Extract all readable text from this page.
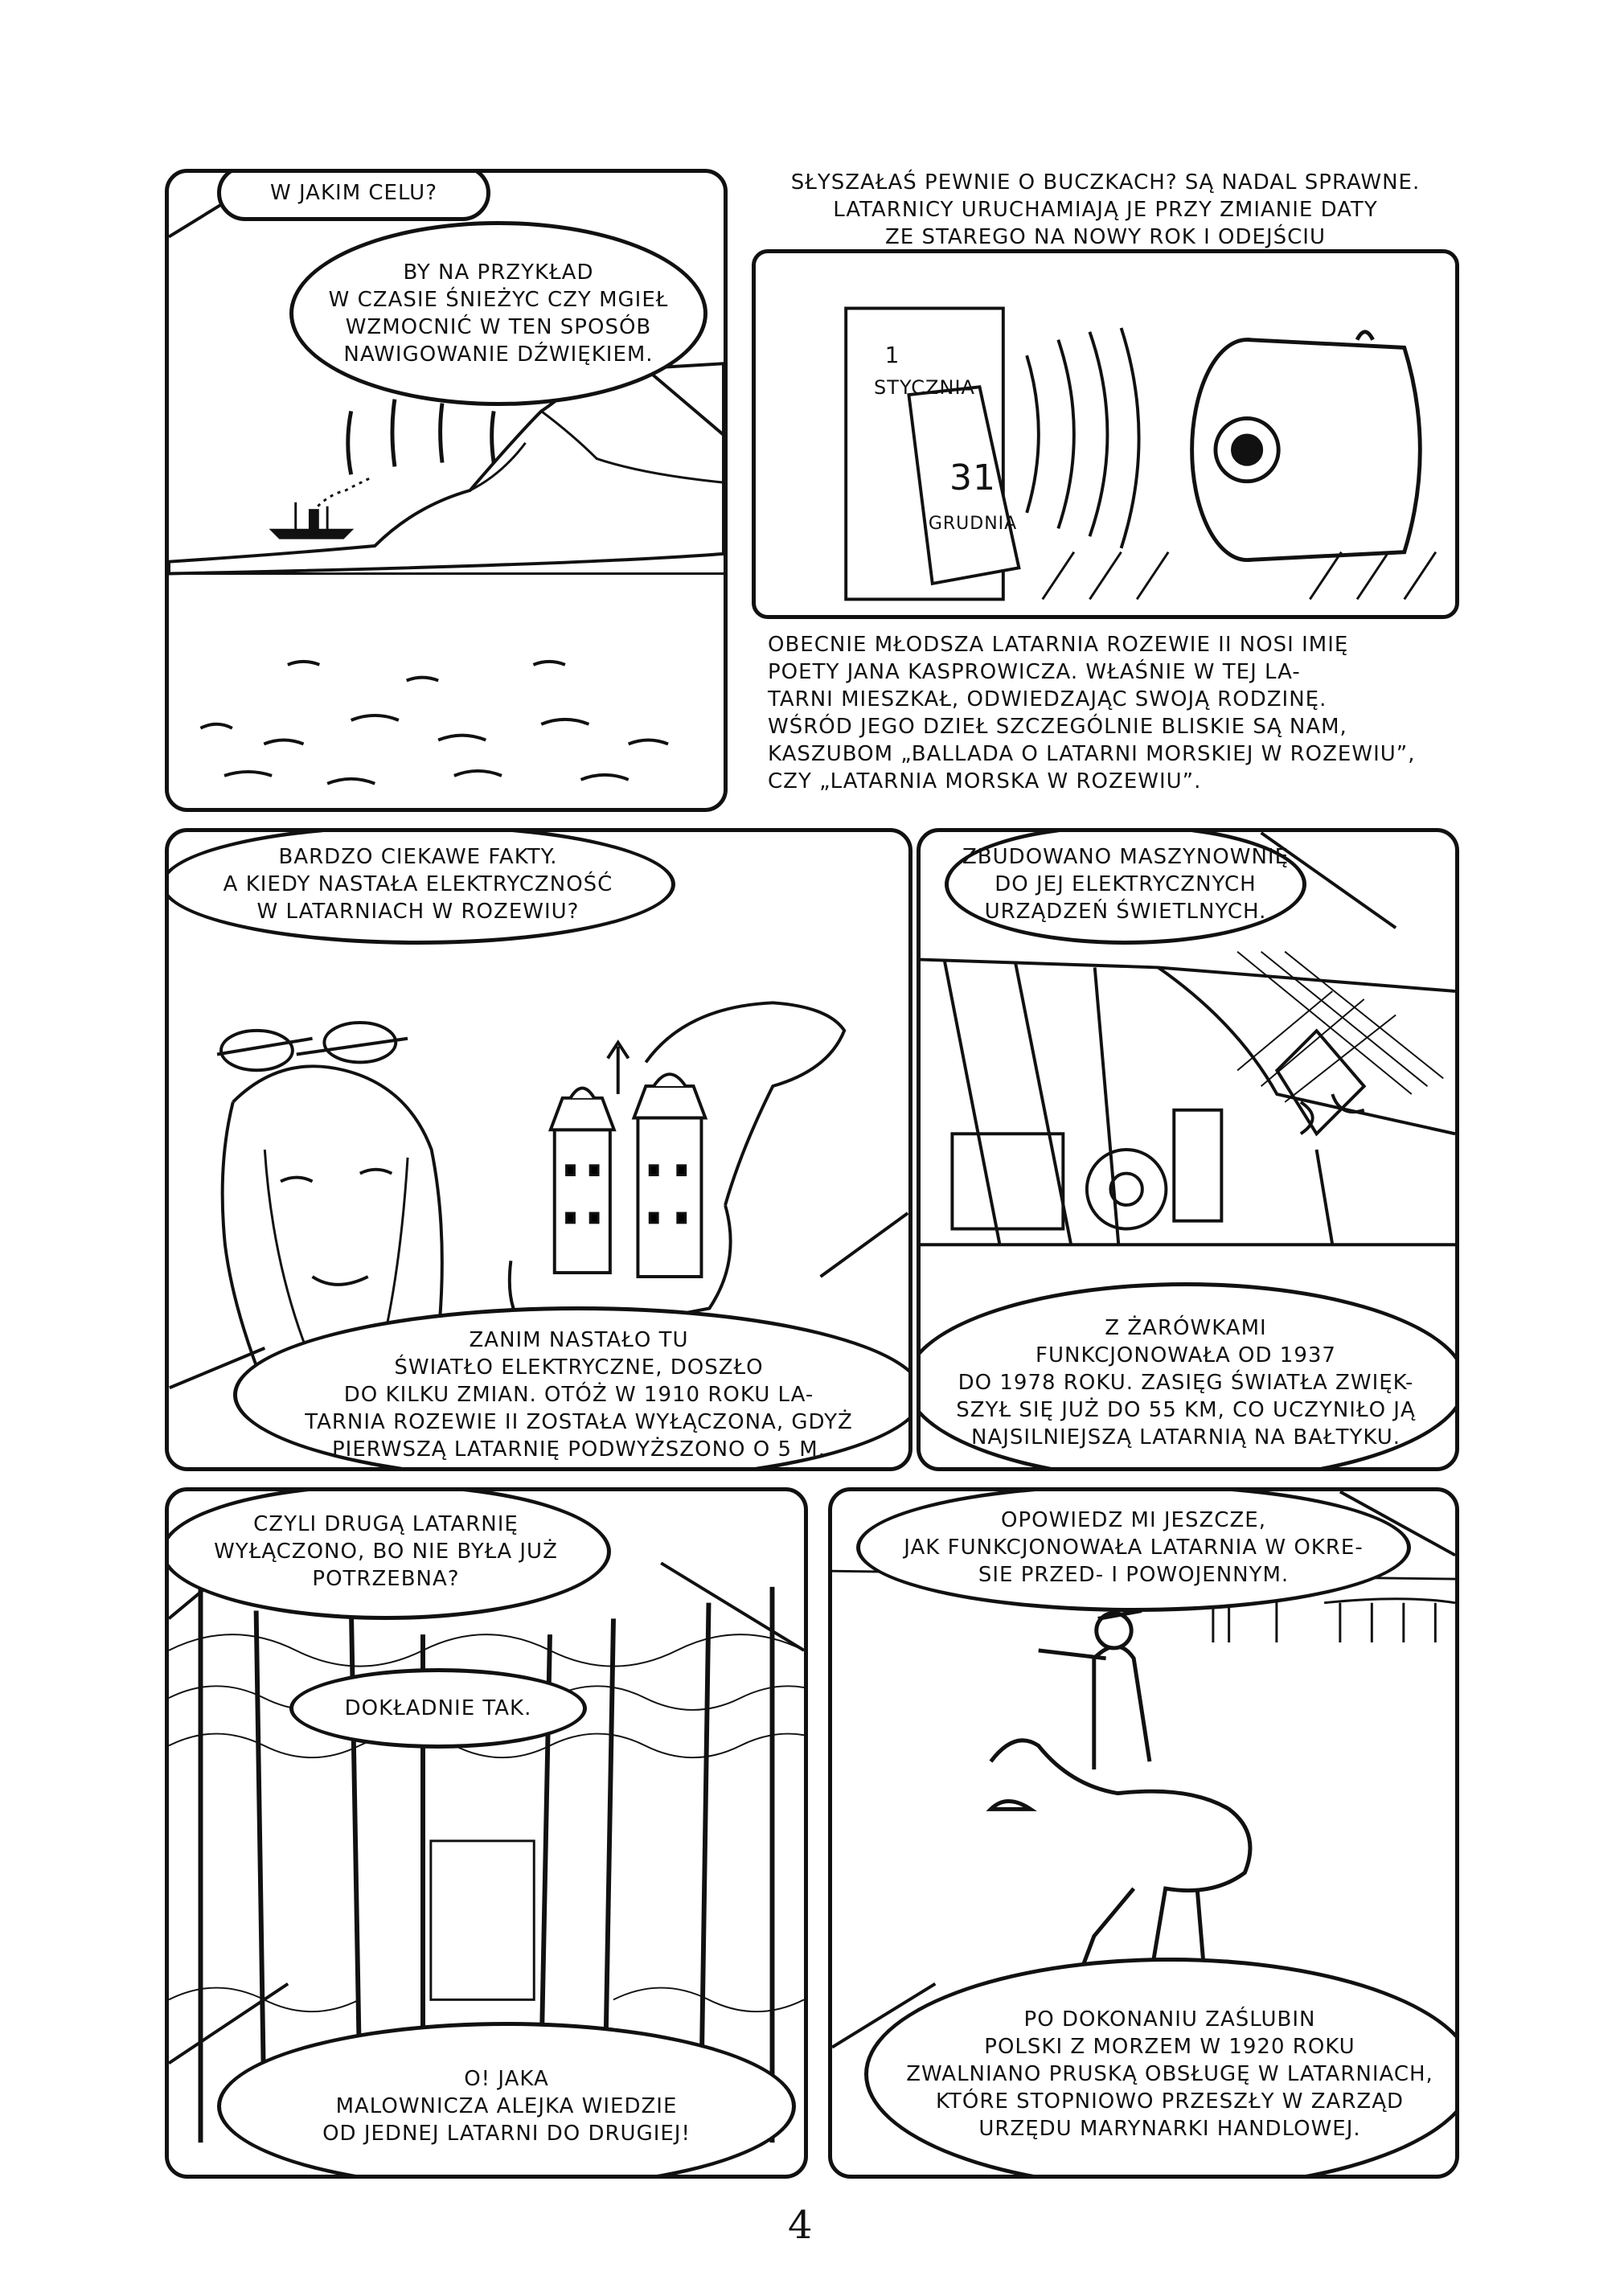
W JAKIM CELU?
BY NA PRZYKŁAD
W CZASIE ŚNIEŻYC CZY MGIEŁ
WZMOCNIĆ W TEN SPOSÓB
NAWIGOWANIE DŹWIĘKIEM.
SŁYSZAŁAŚ PEWNIE O BUCZKACH? SĄ NADAL SPRAWNE.
LATARNICY URUCHAMIAJĄ JE PRZY ZMIANIE DATY
ZE STAREGO NA NOWY ROK I ODEJŚCIU

1
STYCZNIA
31
GRUDNIA
OBECNIE MŁODSZA LATARNIA ROZEWIE II NOSI IMIĘ
POETY JANA KASPROWICZA. WŁAŚNIE W TEJ LA-
TARNI MIESZKAŁ, ODWIEDZAJĄC SWOJĄ RODZINĘ.
WŚRÓD JEGO DZIEŁ SZCZEGÓLNIE BLISKIE SĄ NAM,
KASZUBOM „BALLADA O LATARNI MORSKIEJ W ROZEWIU”,
CZY „LATARNIA MORSKA W ROZEWIU”.
BARDZO CIEKAWE FAKTY.
A KIEDY NASTAŁA ELEKTRYCZNOŚĆ
W LATARNIACH W ROZEWIU?
ZANIM NASTAŁO TU
ŚWIATŁO ELEKTRYCZNE, DOSZŁO
DO KILKU ZMIAN. OTÓŻ W 1910 ROKU LA-
TARNIA ROZEWIE II ZOSTAŁA WYŁĄCZONA, GDYŻ
PIERWSZĄ LATARNIĘ PODWYŻSZONO O 5 M.
ZBUDOWANO MASZYNOWNIĘ
DO JEJ ELEKTRYCZNYCH
URZĄDZEŃ ŚWIETLNYCH.
Z ŻARÓWKAMI
FUNKCJONOWAŁA OD 1937
DO 1978 ROKU. ZASIĘG ŚWIATŁA ZWIĘK-
SZYŁ SIĘ JUŻ DO 55 KM, CO UCZYNIŁO JĄ
NAJSILNIEJSZĄ LATARNIĄ NA BAŁTYKU.
CZYLI DRUGĄ LATARNIĘ
WYŁĄCZONO, BO NIE BYŁA JUŻ
POTRZEBNA?
DOKŁADNIE TAK.
O! JAKA
MALOWNICZA ALEJKA WIEDZIE
OD JEDNEJ LATARNI DO DRUGIEJ!
OPOWIEDZ MI JESZCZE,
JAK FUNKCJONOWAŁA LATARNIA W OKRE-
SIE PRZED- I POWOJENNYM.
PO DOKONANIU ZAŚLUBIN
POLSKI Z MORZEM W 1920 ROKU
ZWALNIANO PRUSKĄ OBSŁUGĘ W LATARNIACH,
KTÓRE STOPNIOWO PRZESZŁY W ZARZĄD
URZĘDU MARYNARKI HANDLOWEJ.
4
